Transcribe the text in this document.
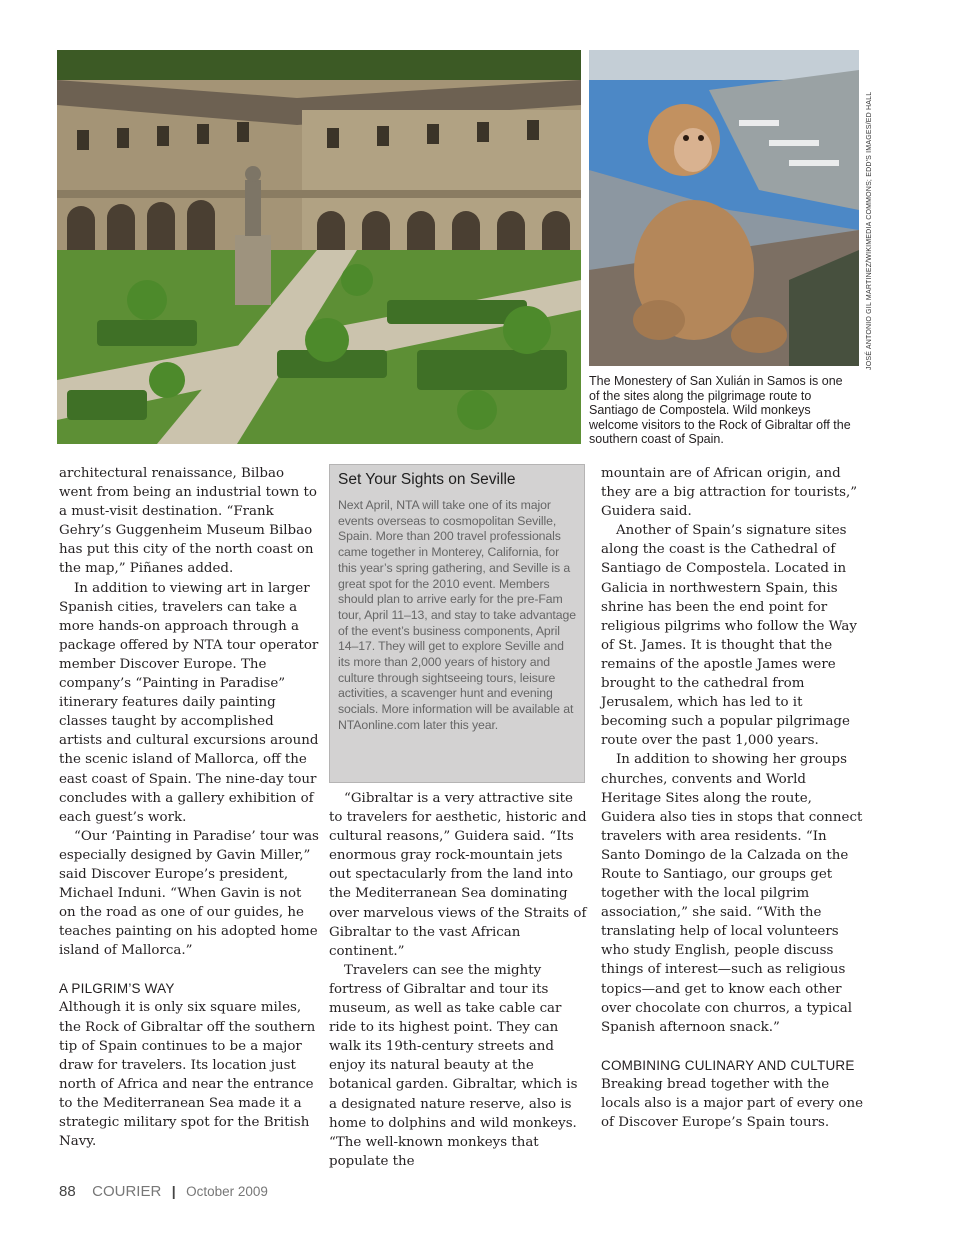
JOSÉ ANTONIO GIL MARTINEZ/WIKIMEDIA COMMONS; EDD'S IMAGES/ED HALL
The Monestery of San Xulián in Samos is one of the sites along the pilgrimage route to Santiago de Compostela. Wild monkeys welcome visitors to the Rock of Gibraltar off the southern coast of Spain.

architectural renaissance, Bilbao went from being an industrial town to a must-visit destination. “Frank Gehry’s Guggenheim Museum Bilbao has put this city of the north coast on the map,” Piñanes added.

In addition to viewing art in larger Spanish cities, travelers can take a more hands-on approach through a package offered by NTA tour operator member Discover Europe. The company’s “Painting in Paradise” itinerary features daily painting classes taught by accomplished artists and cultural excursions around the scenic island of Mallorca, off the east coast of Spain. The nine-day tour concludes with a gallery exhibition of each guest’s work.

“Our ‘Painting in Paradise’ tour was especially designed by Gavin Miller,” said Discover Europe’s president, Michael Induni. “When Gavin is not on the road as one of our guides, he teaches painting on his adopted home island of Mallorca.”

A PILGRIM’S WAY

Although it is only six square miles, the Rock of Gibraltar off the southern tip of Spain continues to be a major draw for travelers. Its location just north of Africa and near the entrance to the Mediterranean Sea made it a strategic military spot for the British Navy.

Set Your Sights on Seville

Next April, NTA will take one of its major events overseas to cosmopolitan Seville, Spain. More than 200 travel professionals came together in Monterey, California, for this year’s spring gathering, and Seville is a great spot for the 2010 event. Members should plan to arrive early for the pre-Fam tour, April 11–13, and stay to take advantage of the event’s business components, April 14–17. They will get to explore Seville and its more than 2,000 years of history and culture through sightseeing tours, leisure activities, a scavenger hunt and evening socials. More information will be available at NTAonline.com later this year.

“Gibraltar is a very attractive site to travelers for aesthetic, historic and cultural reasons,” Guidera said. “Its enormous gray rock-mountain jets out spectacularly from the land into the Mediterranean Sea dominating over marvelous views of the Straits of Gibraltar to the vast African continent.”

Travelers can see the mighty fortress of Gibraltar and tour its museum, as well as take cable car ride to its highest point. They can walk its 19th-century streets and enjoy its natural beauty at the botanical garden. Gibraltar, which is a designated nature reserve, also is home to dolphins and wild monkeys. “The well-known monkeys that populate the

mountain are of African origin, and they are a big attraction for tourists,” Guidera said.

Another of Spain’s signature sites along the coast is the Cathedral of Santiago de Compostela. Located in Galicia in northwestern Spain, this shrine has been the end point for religious pilgrims who follow the Way of St. James. It is thought that the remains of the apostle James were brought to the cathedral from Jerusalem, which has led to it becoming such a popular pilgrimage route over the past 1,000 years.

In addition to showing her groups churches, convents and World Heritage Sites along the route, Guidera also ties in stops that connect travelers with area residents. “In Santo Domingo de la Calzada on the Route to Santiago, our groups get together with the local pilgrim association,” she said. “With the translating help of local volunteers who study English, people discuss things of interest—such as religious topics—and get to know each other over chocolate con churros, a typical Spanish afternoon snack.”

COMBINING CULINARY AND CULTURE

Breaking bread together with the locals also is a major part of every one of Discover Europe’s Spain tours.

88 COURIER | October 2009
